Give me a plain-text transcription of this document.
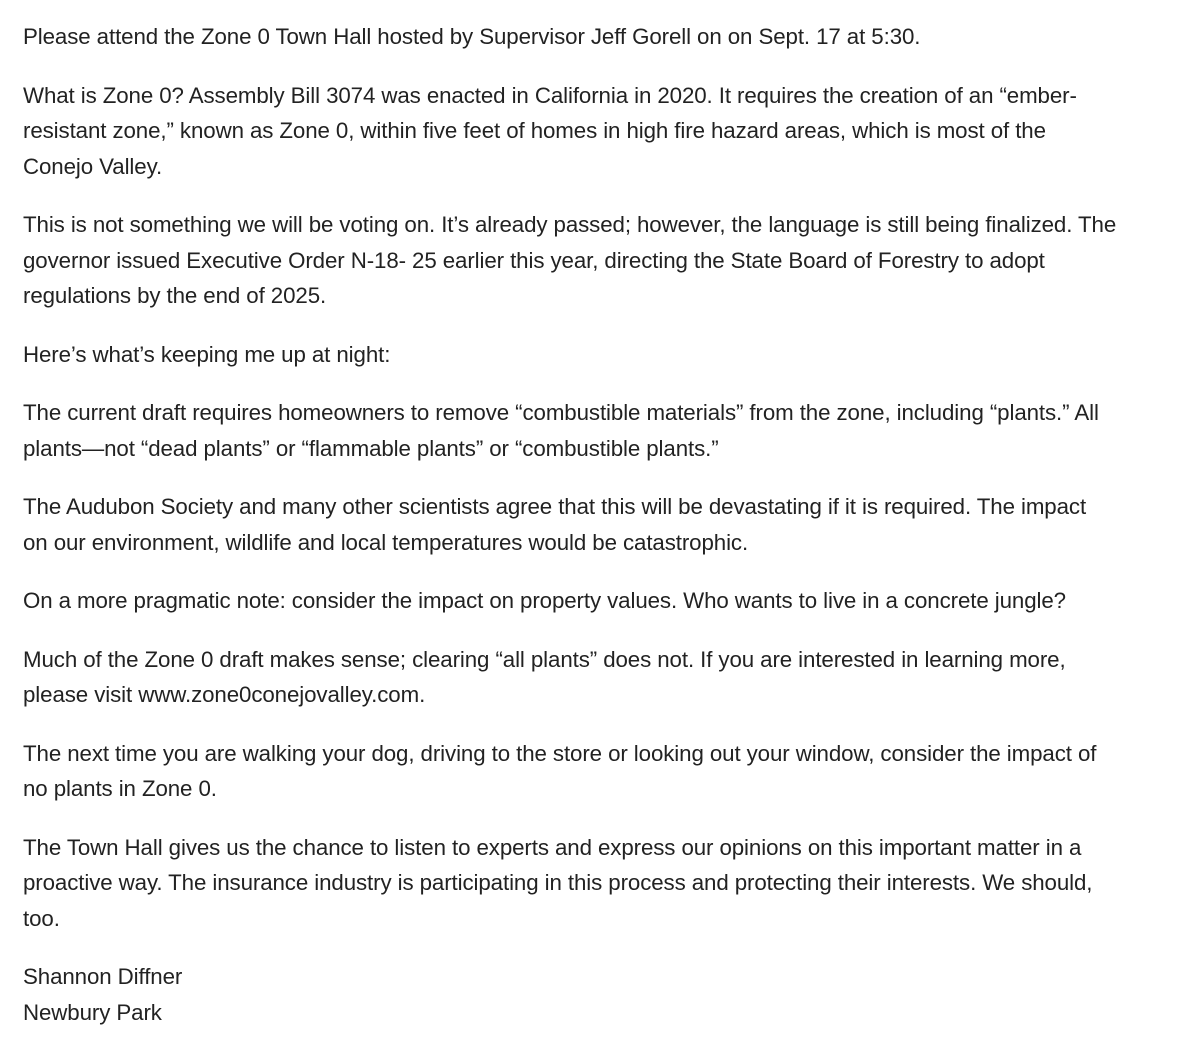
Please attend the Zone 0 Town Hall hosted by Supervisor Jeff Gorell on on Sept. 17 at 5:30.

What is Zone 0? Assembly Bill 3074 was enacted in California in 2020. It requires the creation of an “ember-
resistant zone,” known as Zone 0, within five feet of homes in high fire hazard areas, which is most of the
Conejo Valley.

This is not something we will be voting on. It’s already passed; however, the language is still being finalized. The
governor issued Executive Order N-18- 25 earlier this year, directing the State Board of Forestry to adopt
regulations by the end of 2025.

Here’s what’s keeping me up at night:

The current draft requires homeowners to remove “combustible materials” from the zone, including “plants.” All
plants—not “dead plants” or “flammable plants” or “combustible plants.”

The Audubon Society and many other scientists agree that this will be devastating if it is required. The impact
on our environment, wildlife and local temperatures would be catastrophic.

On a more pragmatic note: consider the impact on property values. Who wants to live in a concrete jungle?

Much of the Zone 0 draft makes sense; clearing “all plants” does not. If you are interested in learning more,
please visit www.zone0conejovalley.com.

The next time you are walking your dog, driving to the store or looking out your window, consider the impact of
no plants in Zone 0.

The Town Hall gives us the chance to listen to experts and express our opinions on this important matter in a
proactive way. The insurance industry is participating in this process and protecting their interests. We should,
too.

Shannon Diffner
Newbury Park
